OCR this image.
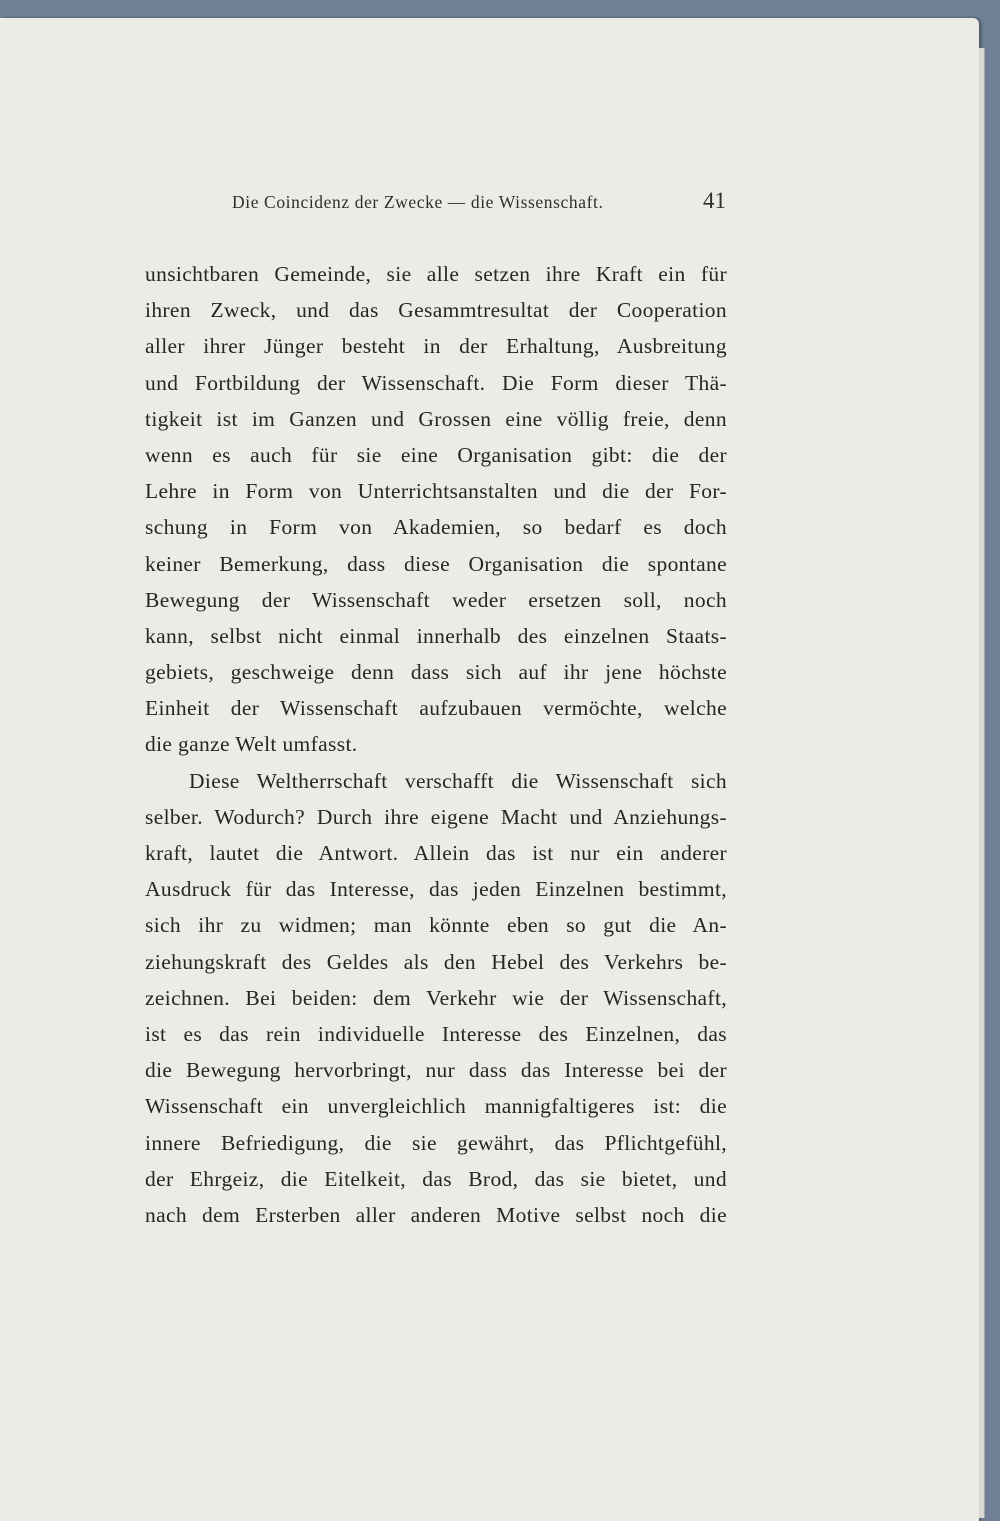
Die Coincidenz der Zwecke — die Wissenschaft.	41
unsichtbaren Gemeinde, sie alle setzen ihre Kraft ein für
ihren Zweck, und das Gesammtresultat der Cooperation
aller ihrer Jünger besteht in der Erhaltung, Ausbreitung
und Fortbildung der Wissenschaft. Die Form dieser Thä-
tigkeit ist im Ganzen und Grossen eine völlig freie, denn
wenn es auch für sie eine Organisation gibt: die der
Lehre in Form von Unterrichtsanstalten und die der For-
schung in Form von Akademien, so bedarf es doch
keiner Bemerkung, dass diese Organisation die spontane
Bewegung der Wissenschaft weder ersetzen soll, noch
kann, selbst nicht einmal innerhalb des einzelnen Staats-
gebiets, geschweige denn dass sich auf ihr jene höchste
Einheit der Wissenschaft aufzubauen vermöchte, welche
die ganze Welt umfasst.
Diese Weltherrschaft verschafft die Wissenschaft sich
selber. Wodurch? Durch ihre eigene Macht und Anziehungs-
kraft, lautet die Antwort. Allein das ist nur ein anderer
Ausdruck für das Interesse, das jeden Einzelnen bestimmt,
sich ihr zu widmen; man könnte eben so gut die An-
ziehungskraft des Geldes als den Hebel des Verkehrs be-
zeichnen. Bei beiden: dem Verkehr wie der Wissenschaft,
ist es das rein individuelle Interesse des Einzelnen, das
die Bewegung hervorbringt, nur dass das Interesse bei der
Wissenschaft ein unvergleichlich mannigfaltigeres ist: die
innere Befriedigung, die sie gewährt, das Pflichtgefühl,
der Ehrgeiz, die Eitelkeit, das Brod, das sie bietet, und
nach dem Ersterben aller anderen Motive selbst noch die
